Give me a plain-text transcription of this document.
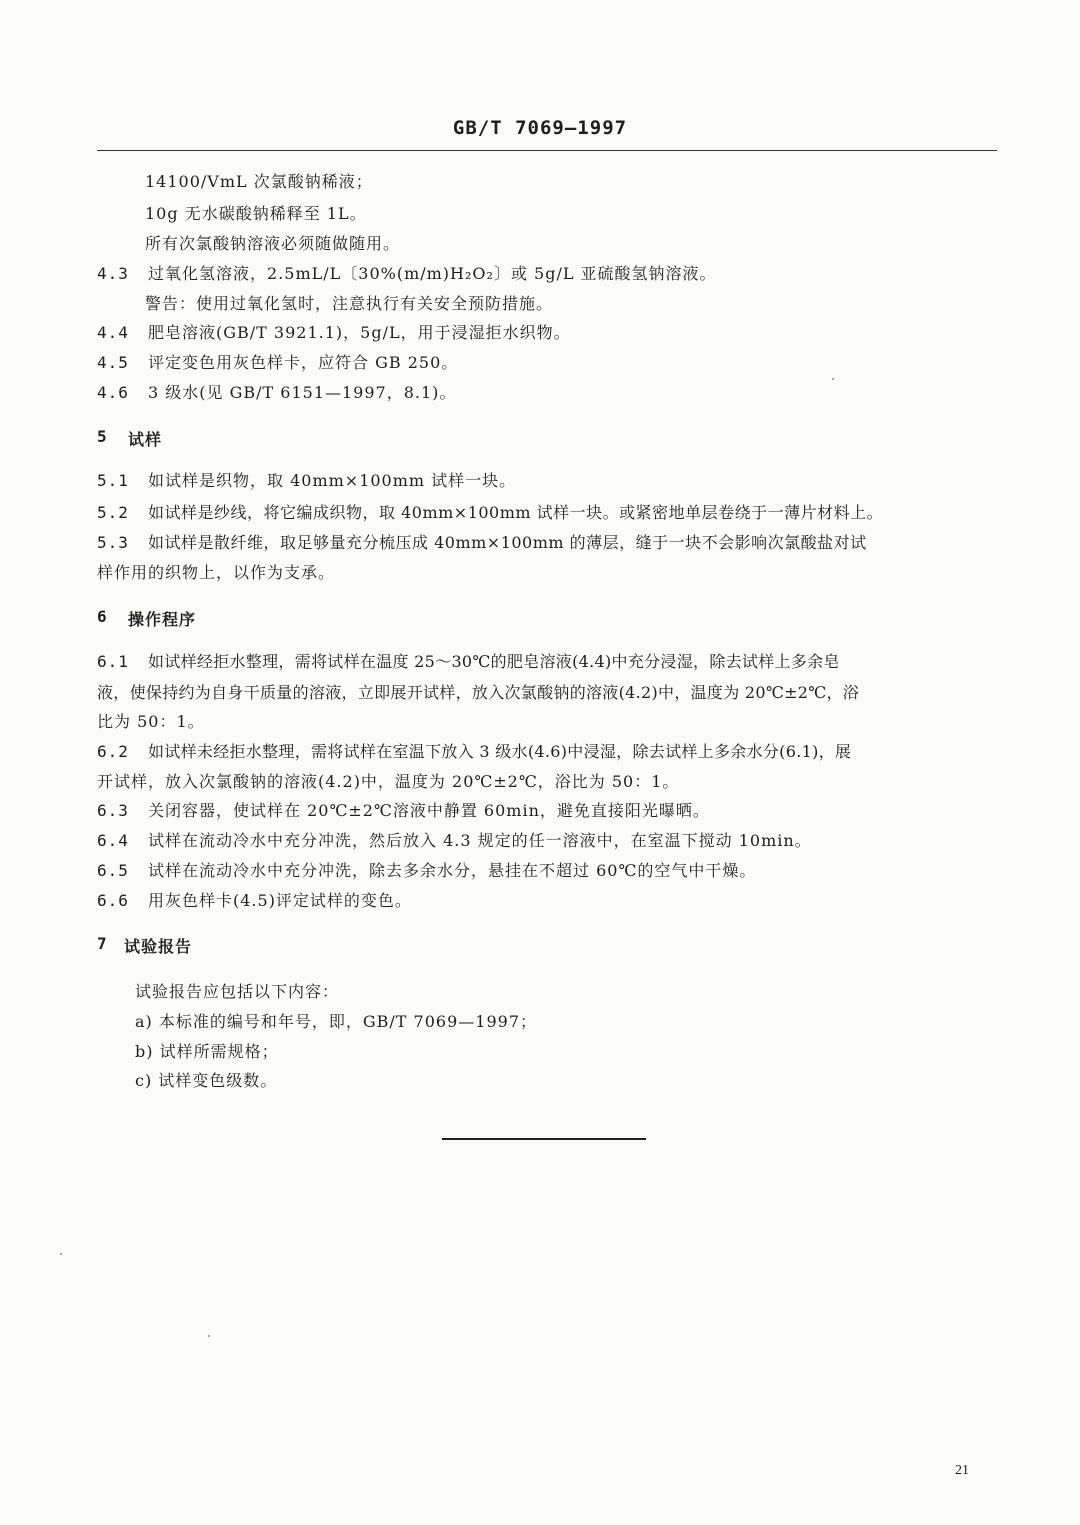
GB/T 7069—1997
14100/VmL 次氯酸钠稀液；
10g 无水碳酸钠稀释至 1L。
所有次氯酸钠溶液必须随做随用。
4.3 过氧化氢溶液，2.5mL/L〔30%(m/m)H₂O₂〕或 5g/L 亚硫酸氢钠溶液。
警告：使用过氧化氢时，注意执行有关安全预防措施。
4.4 肥皂溶液(GB/T 3921.1)，5g/L，用于浸湿拒水织物。
4.5 评定变色用灰色样卡，应符合 GB 250。
4.6 3 级水(见 GB/T 6151—1997，8.1)。
5 试样
5.1 如试样是织物，取 40mm×100mm 试样一块。
5.2 如试样是纱线，将它编成织物，取 40mm×100mm 试样一块。或紧密地单层卷绕于一薄片材料上。
5.3 如试样是散纤维，取足够量充分梳压成 40mm×100mm 的薄层，缝于一块不会影响次氯酸盐对试
样作用的织物上，以作为支承。
6 操作程序
6.1 如试样经拒水整理，需将试样在温度 25～30℃的肥皂溶液(4.4)中充分浸湿，除去试样上多余皂
液，使保持约为自身干质量的溶液，立即展开试样，放入次氯酸钠的溶液(4.2)中，温度为 20℃±2℃，浴
比为 50：1。
6.2 如试样未经拒水整理，需将试样在室温下放入 3 级水(4.6)中浸湿，除去试样上多余水分(6.1)，展
开试样，放入次氯酸钠的溶液(4.2)中，温度为 20℃±2℃，浴比为 50：1。
6.3 关闭容器，使试样在 20℃±2℃溶液中静置 60min，避免直接阳光曝晒。
6.4 试样在流动冷水中充分冲洗，然后放入 4.3 规定的任一溶液中，在室温下搅动 10min。
6.5 试样在流动冷水中充分冲洗，除去多余水分，悬挂在不超过 60℃的空气中干燥。
6.6 用灰色样卡(4.5)评定试样的变色。
7 试验报告
试验报告应包括以下内容：
a) 本标准的编号和年号，即，GB/T 7069—1997；
b) 试样所需规格；
c) 试样变色级数。
21
